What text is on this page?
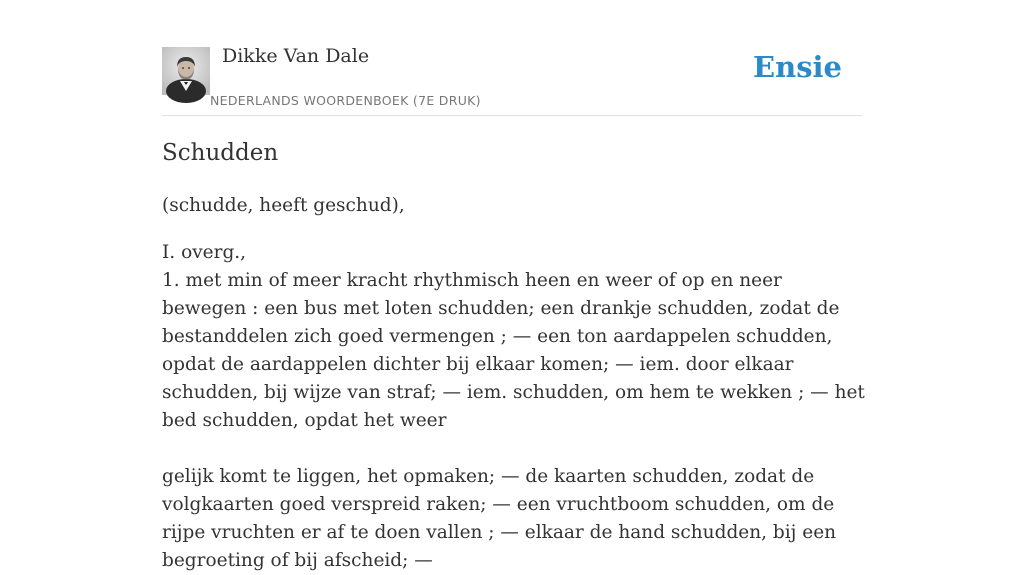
Dikke Van Dale
NEDERLANDS WOORDENBOEK (7E DRUK)
Ensie
Schudden

(schudde, heeft geschud),

I. overg.,

1. met min of meer kracht rhythmisch heen en weer of op en neer bewegen : een bus met loten schudden; een drankje schudden, zodat de bestanddelen zich goed vermengen ; — een ton aardappelen schudden, opdat de aardappelen dichter bij elkaar komen; — iem. door elkaar schudden, bij wijze van straf; — iem. schudden, om hem te wekken ; — het bed schudden, opdat het weer

gelijk komt te liggen, het opmaken; — de kaarten schudden, zodat de volgkaarten goed verspreid raken; — een vruchtboom schudden, om de rijpe vruchten er af te doen vallen ; — elkaar de hand schudden, bij een begroeting of bij afscheid; —
